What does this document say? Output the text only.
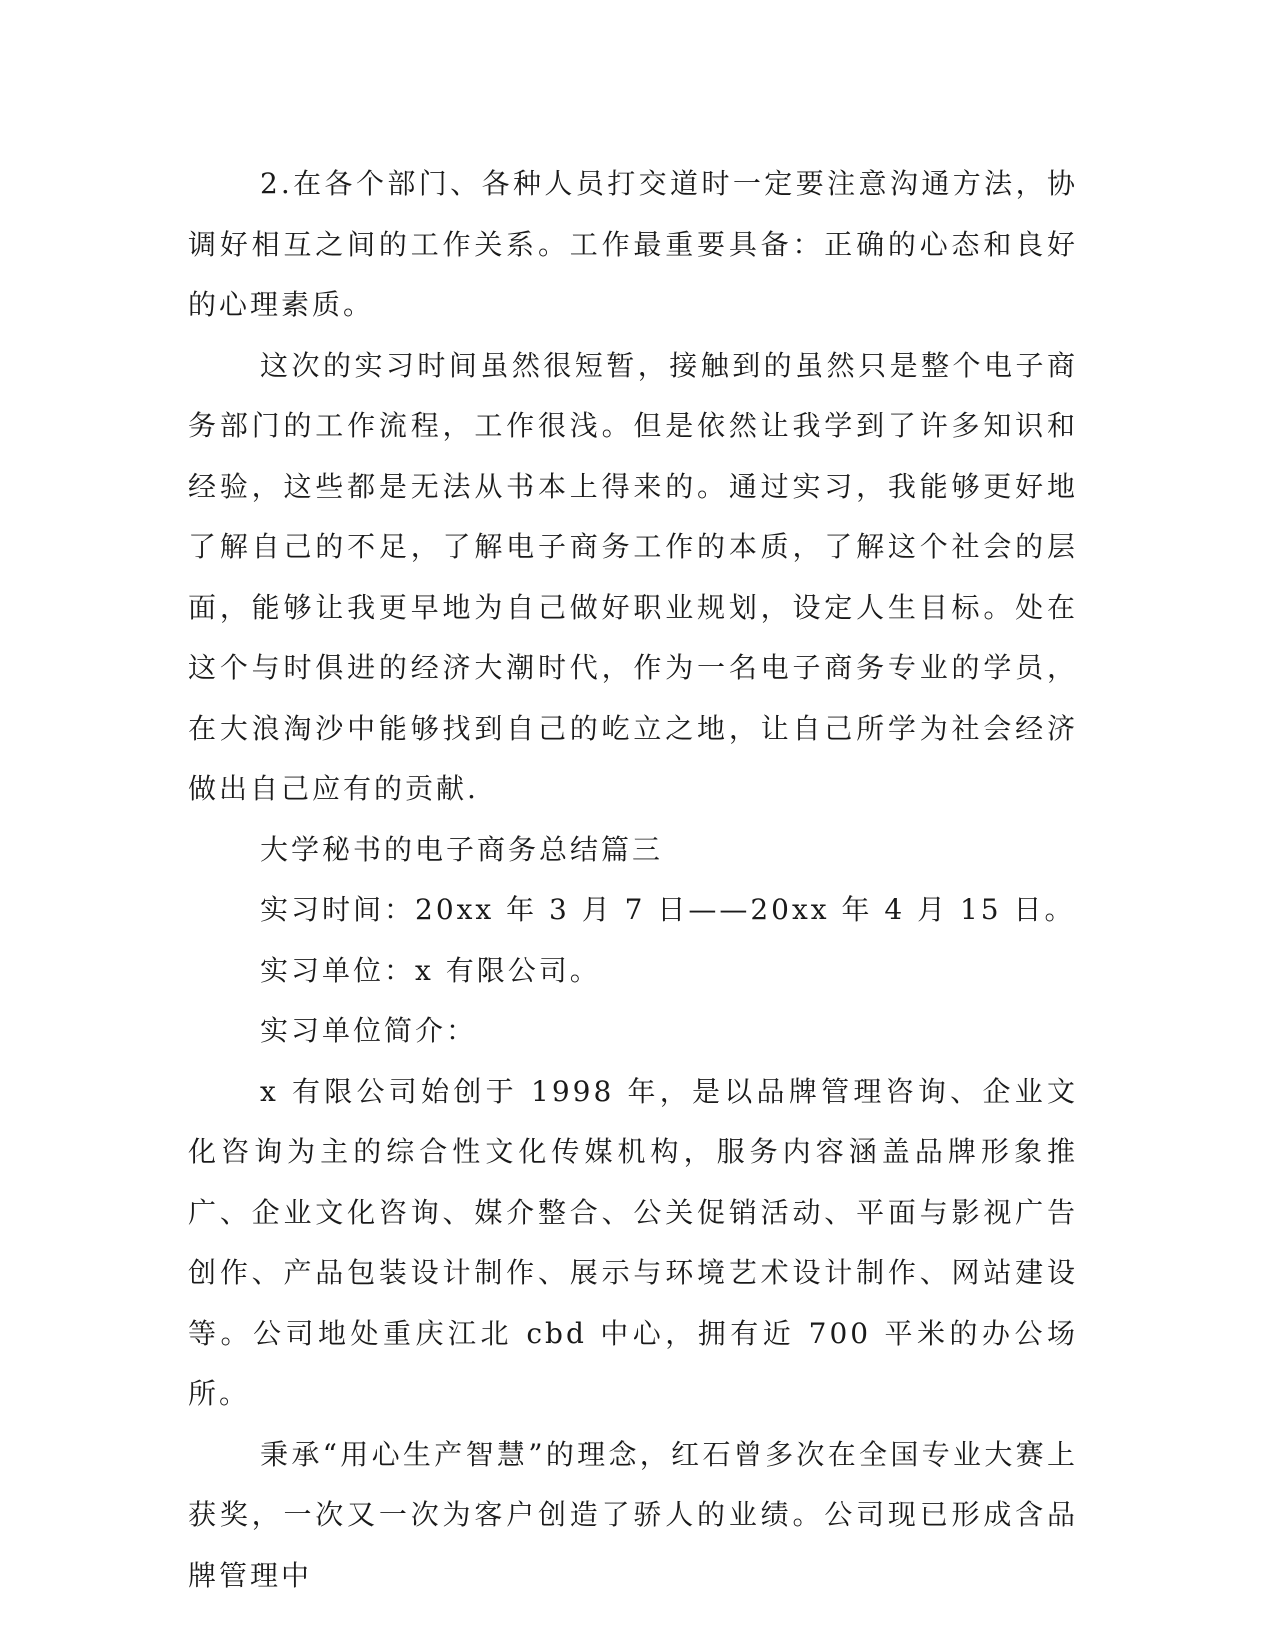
2.在各个部门、各种人员打交道时一定要注意沟通方法，协调好相互之间的工作关系。工作最重要具备：正确的心态和良好的心理素质。

这次的实习时间虽然很短暂，接触到的虽然只是整个电子商务部门的工作流程，工作很浅。但是依然让我学到了许多知识和经验，这些都是无法从书本上得来的。通过实习，我能够更好地了解自己的不足，了解电子商务工作的本质，了解这个社会的层面，能够让我更早地为自己做好职业规划，设定人生目标。处在这个与时俱进的经济大潮时代，作为一名电子商务专业的学员，在大浪淘沙中能够找到自己的屹立之地，让自己所学为社会经济做出自己应有的贡献.

大学秘书的电子商务总结篇三

实习时间：20xx 年 3 月 7 日——20xx 年 4 月 15 日。

实习单位：x 有限公司。

实习单位简介：

x 有限公司始创于 1998 年，是以品牌管理咨询、企业文化咨询为主的综合性文化传媒机构，服务内容涵盖品牌形象推广、企业文化咨询、媒介整合、公关促销活动、平面与影视广告创作、产品包装设计制作、展示与环境艺术设计制作、网站建设等。公司地处重庆江北 cbd 中心，拥有近 700 平米的办公场所。

秉承“用心生产智慧”的理念，红石曾多次在全国专业大赛上获奖，一次又一次为客户创造了骄人的业绩。公司现已形成含品牌管理中
